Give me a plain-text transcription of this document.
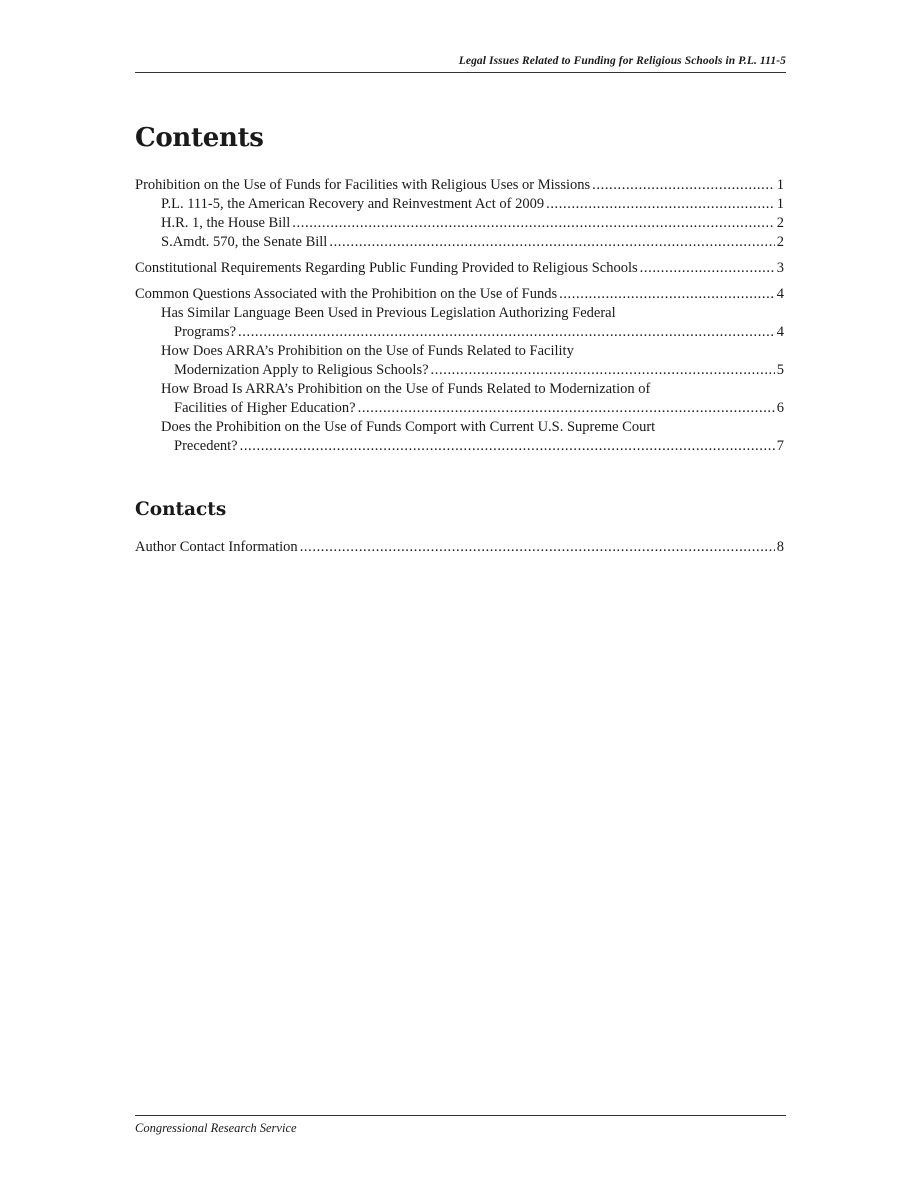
Legal Issues Related to Funding for Religious Schools in P.L. 111-5
Contents
Prohibition on the Use of Funds for Facilities with Religious Uses or Missions .....	1
P.L. 111-5, the American Recovery and Reinvestment Act of 2009 .....	1
H.R. 1, the House Bill .....	2
S.Amdt. 570, the Senate Bill .....	2
Constitutional Requirements Regarding Public Funding Provided to Religious Schools .....	3
Common Questions Associated with the Prohibition on the Use of Funds .....	4
Has Similar Language Been Used in Previous Legislation Authorizing Federal
Programs? .....	4
How Does ARRA’s Prohibition on the Use of Funds Related to Facility
Modernization Apply to Religious Schools? .....	5
How Broad Is ARRA’s Prohibition on the Use of Funds Related to Modernization of
Facilities of Higher Education? .....	6
Does the Prohibition on the Use of Funds Comport with Current U.S. Supreme Court
Precedent? .....	7
Contacts
Author Contact Information .....	8
Congressional Research Service
